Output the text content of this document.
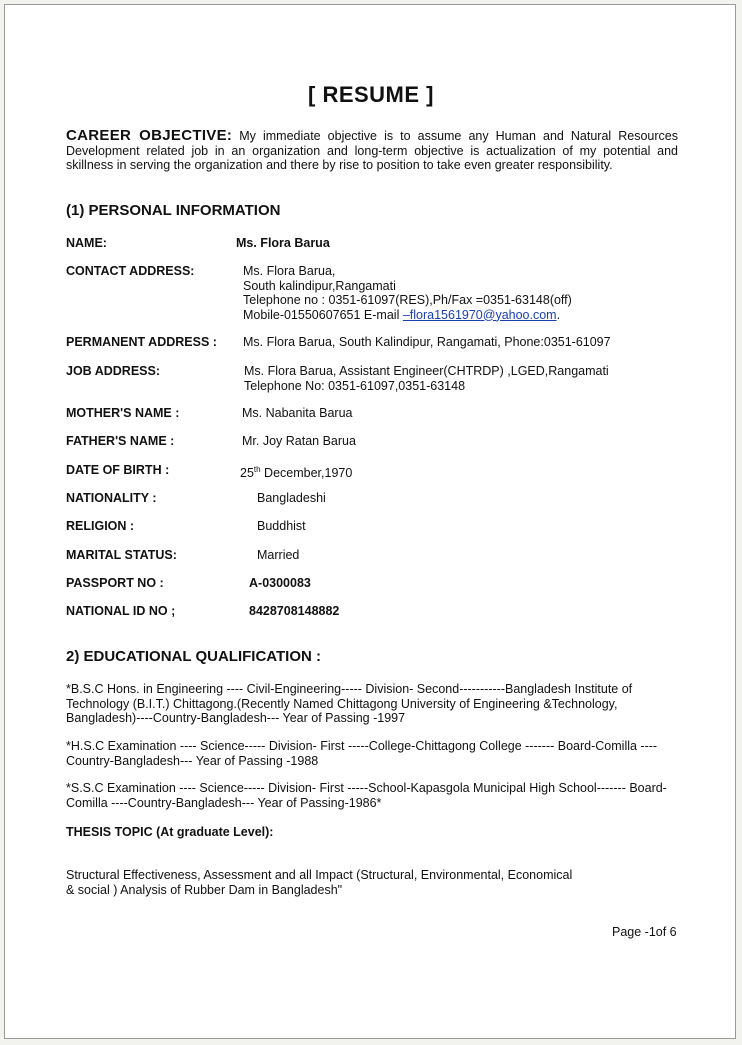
[ RESUME ]
CAREER OBJECTIVE: My immediate objective is to assume any Human and Natural Resources Development related job in an organization and long-term objective is actualization of my potential and skillness in serving the organization and there by rise to position to take even greater responsibility.
(1) PERSONAL INFORMATION
NAME:	Ms. Flora Barua
CONTACT ADDRESS:	Ms. Flora Barua,
South kalindipur,Rangamati
Telephone no : 0351-61097(RES),Ph/Fax =0351-63148(off)
Mobile-01550607651 E-mail –flora1561970@yahoo.com.
PERMANENT ADDRESS : Ms. Flora Barua, South Kalindipur, Rangamati, Phone:0351-61097
JOB ADDRESS:	Ms. Flora Barua, Assistant Engineer(CHTRDP) ,LGED,Rangamati
Telephone No: 0351-61097,0351-63148
MOTHER'S NAME :	Ms. Nabanita Barua
FATHER'S NAME :	Mr. Joy Ratan Barua
DATE OF BIRTH :	25th December,1970
NATIONALITY :	Bangladeshi
RELIGION :	Buddhist
MARITAL STATUS:	Married
PASSPORT NO :	A-0300083
NATIONAL ID NO ;	8428708148882
2) EDUCATIONAL QUALIFICATION :
*B.S.C Hons. in Engineering ---- Civil-Engineering----- Division- Second-----------Bangladesh Institute of Technology (B.I.T.) Chittagong.(Recently Named Chittagong University of Engineering &Technology, Bangladesh)----Country-Bangladesh--- Year of Passing -1997
*H.S.C Examination ---- Science----- Division- First -----College-Chittagong College ------- Board-Comilla ---- Country-Bangladesh--- Year of Passing -1988
*S.S.C Examination ---- Science----- Division- First -----School-Kapasgola Municipal High School------- Board-Comilla ----Country-Bangladesh--- Year of Passing-1986*
THESIS TOPIC (At graduate Level):
Structural Effectiveness, Assessment and all Impact (Structural, Environmental, Economical
& social ) Analysis of Rubber Dam in Bangladesh"
Page -1of 6
